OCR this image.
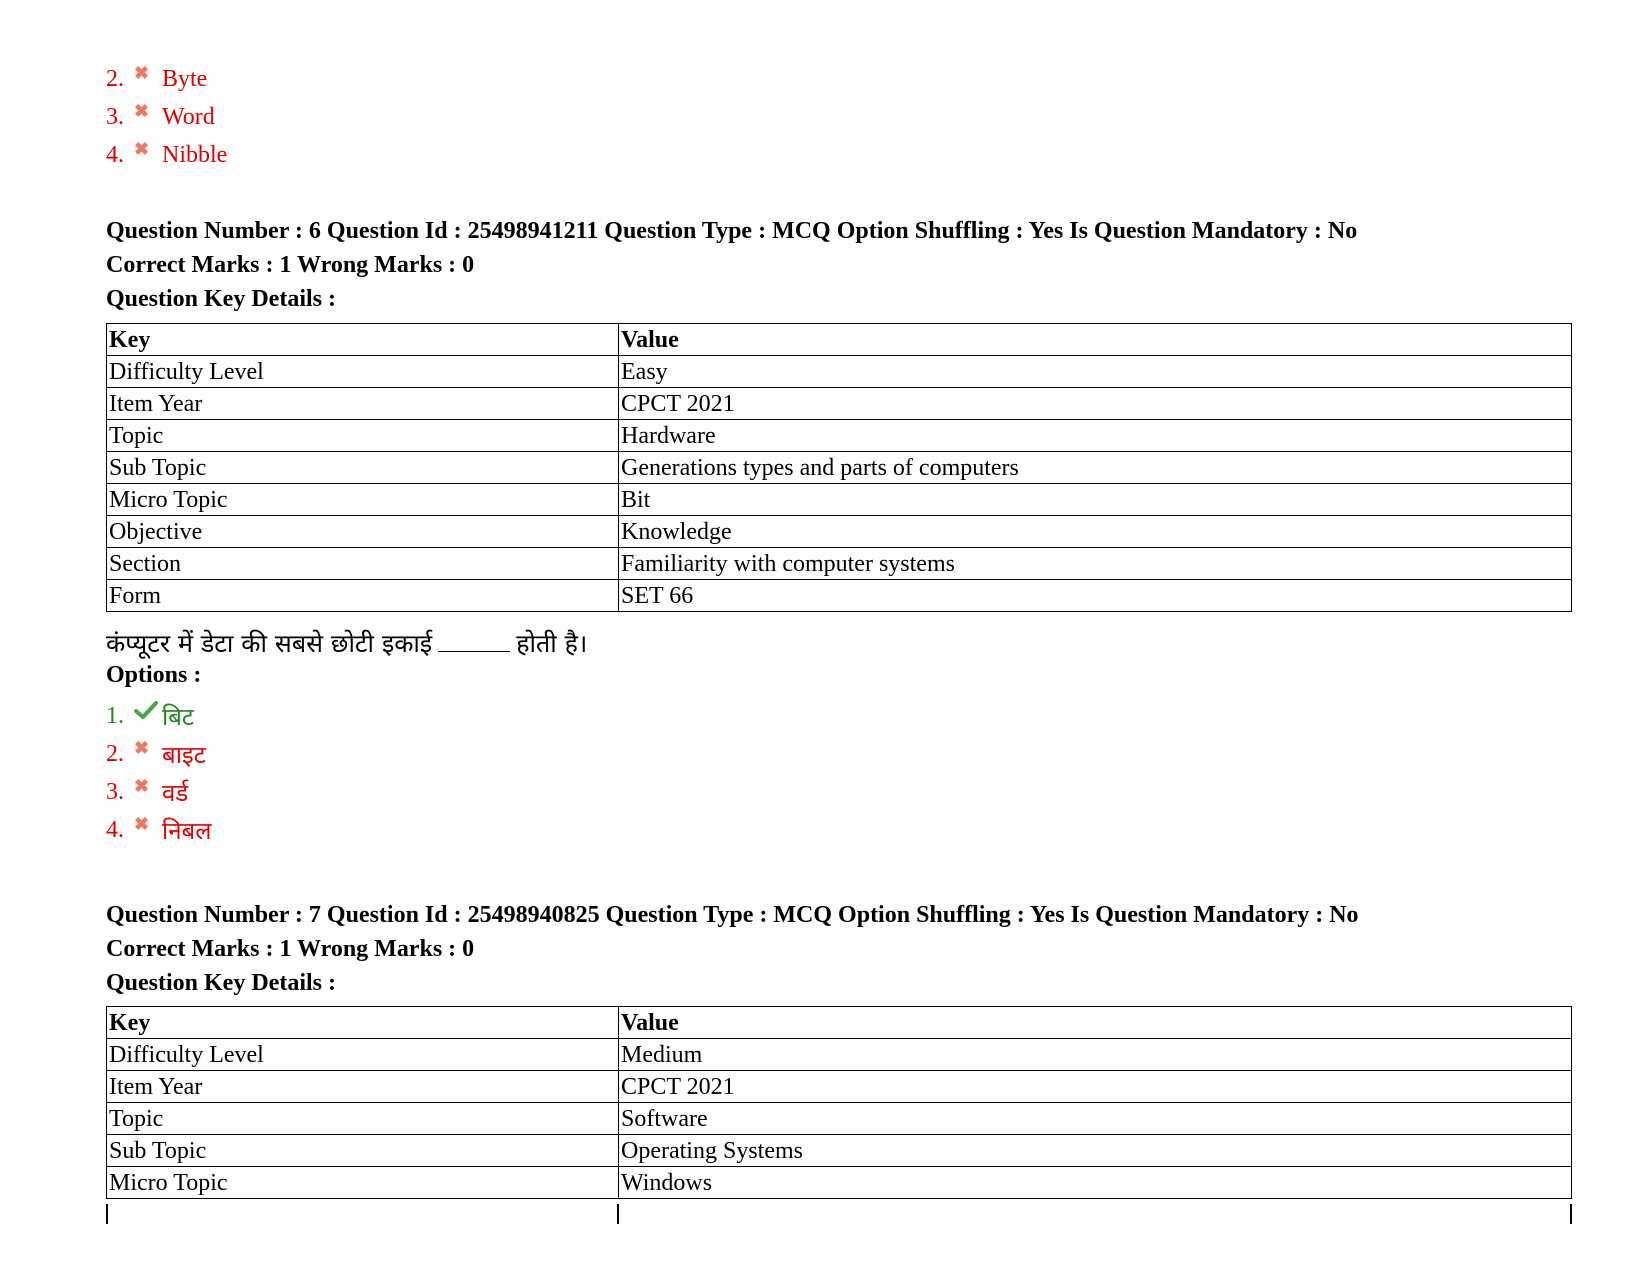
2. ✖ Byte
3. ✖ Word
4. ✖ Nibble
Question Number : 6 Question Id : 25498941211 Question Type : MCQ Option Shuffling : Yes Is Question Mandatory : No
Correct Marks : 1 Wrong Marks : 0
Question Key Details :
Key	Value
Difficulty Level	Easy
Item Year	CPCT 2021
Topic	Hardware
Sub Topic	Generations types and parts of computers
Micro Topic	Bit
Objective	Knowledge
Section	Familiarity with computer systems
Form	SET 66
कंप्यूटर में डेटा की सबसे छोटी इकाई	होती है।
Options :
1.	बिट
2. ✖ बाइट
3. ✖ वर्ड
4. ✖ निबल
Question Number : 7 Question Id : 25498940825 Question Type : MCQ Option Shuffling : Yes Is Question Mandatory : No
Correct Marks : 1 Wrong Marks : 0
Question Key Details :
Key	Value
Difficulty Level	Medium
Item Year	CPCT 2021
Topic	Software
Sub Topic	Operating Systems
Micro Topic	Windows
